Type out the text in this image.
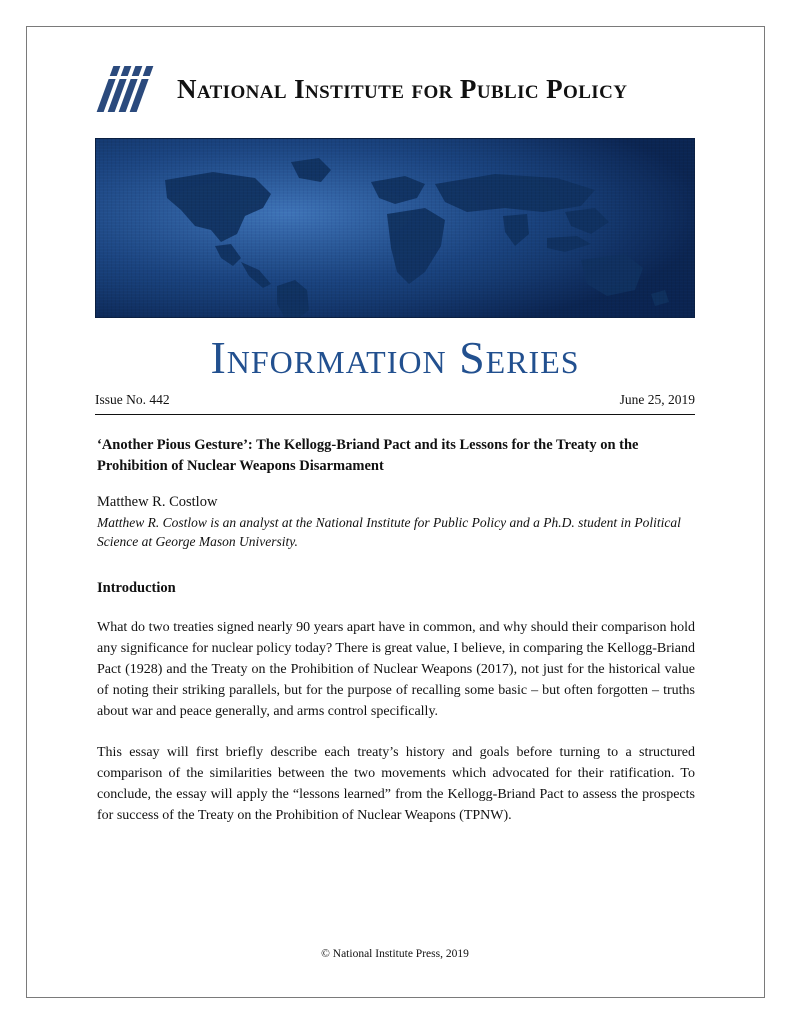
National Institute for Public Policy
Information Series
Issue No. 442	June 25, 2019
‘Another Pious Gesture’: The Kellogg-Briand Pact and its Lessons for the Treaty on the Prohibition of Nuclear Weapons Disarmament
Matthew R. Costlow
Matthew R. Costlow is an analyst at the National Institute for Public Policy and a Ph.D. student in Political Science at George Mason University.
Introduction
What do two treaties signed nearly 90 years apart have in common, and why should their comparison hold any significance for nuclear policy today? There is great value, I believe, in comparing the Kellogg-Briand Pact (1928) and the Treaty on the Prohibition of Nuclear Weapons (2017), not just for the historical value of noting their striking parallels, but for the purpose of recalling some basic – but often forgotten – truths about war and peace generally, and arms control specifically.
This essay will first briefly describe each treaty’s history and goals before turning to a structured comparison of the similarities between the two movements which advocated for their ratification. To conclude, the essay will apply the “lessons learned” from the Kellogg-Briand Pact to assess the prospects for success of the Treaty on the Prohibition of Nuclear Weapons (TPNW).
© National Institute Press, 2019
